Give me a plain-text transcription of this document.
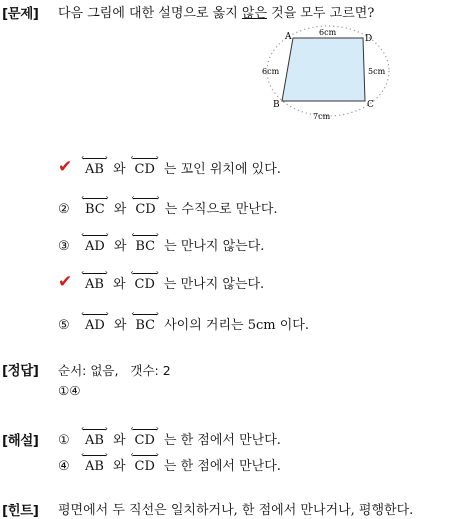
[문제] 다음 그림에 대한 설명으로 옳지 않은 것을 모두 고르면?
A	D
B	C
6cm
6cm	5cm
7cm
✔	‹
AB
›
와
‹
CD
›
는 꼬인 위치에 있다.
②
‹
BC
›
와
‹
CD
›
는 수직으로 만난다.
③
‹
AD
›
와
‹
BC
›
는 만나지 않는다.
✔	‹
AB
›
와
‹
CD
›
는 만나지 않는다.
⑤
‹
AD
›
와
‹
BC
›
사이의 거리는 5cm 이다.
[정답] 순서: 없음,   갯수: 2
①④
[해설] ①
‹
AB
›
와
‹
CD
›
는 한 점에서 만난다.
④
‹
AB
›
와
‹
CD
›
는 한 점에서 만난다.
[힌트] 평면에서 두 직선은 일치하거나, 한 점에서 만나거나, 평행한다.
